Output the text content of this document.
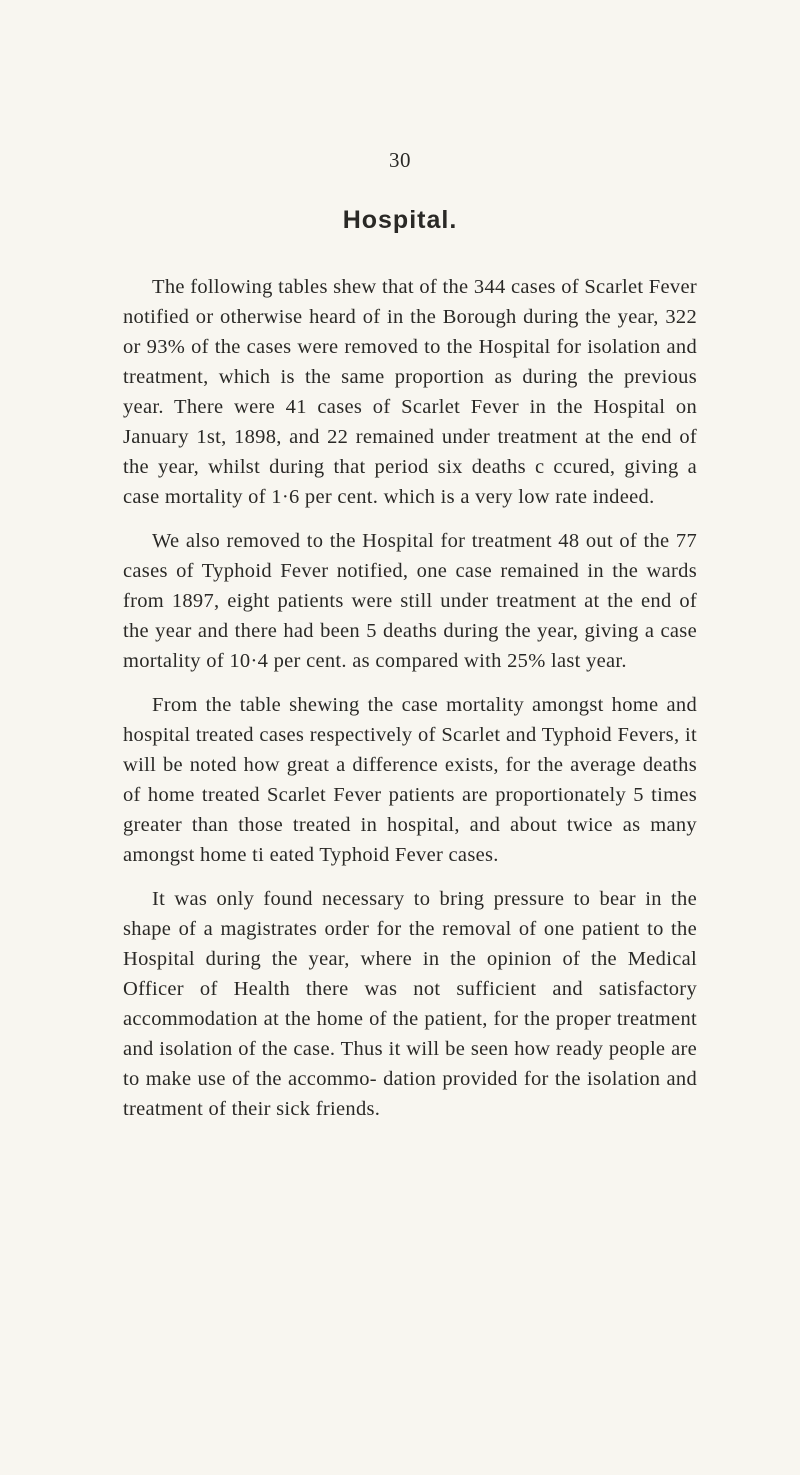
30
Hospital.

The following tables shew that of the 344 cases of Scarlet Fever notified or otherwise heard of in the Borough during the year, 322 or 93% of the cases were removed to the Hospital for isolation and treatment, which is the same proportion as during the previous year. There were 41 cases of Scarlet Fever in the Hospital on January 1st, 1898, and 22 remained under treatment at the end of the year, whilst during that period six deaths c ccured, giving a case mortality of 1·6 per cent. which is a very low rate indeed.

We also removed to the Hospital for treatment 48 out of the 77 cases of Typhoid Fever notified, one case remained in the wards from 1897, eight patients were still under treatment at the end of the year and there had been 5 deaths during the year, giving a case mortality of 10·4 per cent. as compared with 25% last year.

From the table shewing the case mortality amongst home and hospital treated cases respectively of Scarlet and Typhoid Fevers, it will be noted how great a difference exists, for the average deaths of home treated Scarlet Fever patients are proportionately 5 times greater than those treated in hospital, and about twice as many amongst home ti eated Typhoid Fever cases.

It was only found necessary to bring pressure to bear in the shape of a magistrates order for the removal of one patient to the Hospital during the year, where in the opinion of the Medical Officer of Health there was not sufficient and satisfactory accommodation at the home of the patient, for the proper treatment and isolation of the case. Thus it will be seen how ready people are to make use of the accommo- dation provided for the isolation and treatment of their sick friends.
